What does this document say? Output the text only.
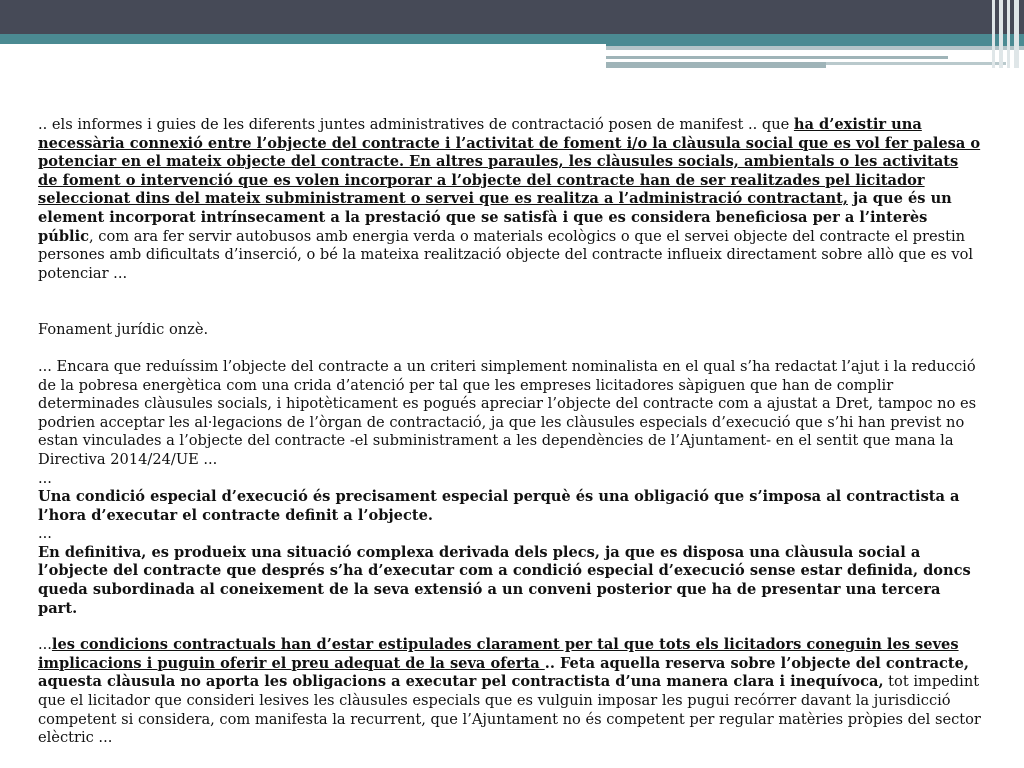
.. els informes i guies de les diferents juntes administratives de contractació posen de manifest .. que ha d’existir una necessària connexió entre l’objecte del contracte i l’activitat de foment i/o la clàusula social que es vol fer palesa o potenciar en el mateix objecte del contracte. En altres paraules, les clàusules socials, ambientals o les activitats de foment o intervenció que es volen incorporar a l’objecte del contracte han de ser realitzades pel licitador seleccionat dins del mateix subministrament o servei que es realitza a l’administració contractant, ja que és un element incorporat intrínsecament a la prestació que se satisfà i que es considera beneficiosa per a l’interès públic, com ara fer servir autobusos amb energia verda o materials ecològics o que el servei objecte del contracte el prestin persones amb dificultats d’inserció, o bé la mateixa realització objecte del contracte influeix directament sobre allò que es vol potenciar ...

Fonament jurídic onzè.

... Encara que reduíssim l’objecte del contracte a un criteri simplement nominalista en el qual s’ha redactat l’ajut i la reducció de la pobresa energètica com una crida d’atenció per tal que les empreses licitadores sàpiguen que han de complir determinades clàusules socials, i hipotèticament es pogués apreciar l’objecte del contracte com a ajustat a Dret, tampoc no es podrien acceptar les al·legacions de l’òrgan de contractació, ja que les clàusules especials d’execució que s’hi han previst no estan vinculades a l’objecte del contracte -el subministrament a les dependències de l’Ajuntament- en el sentit que mana la Directiva 2014/24/UE ...

...

Una condició especial d’execució és precisament especial perquè és una obligació que s’imposa al contractista a l’hora d’executar el contracte definit a l’objecte.

...

En definitiva, es produeix una situació complexa derivada dels plecs, ja que es disposa una clàusula social a l’objecte del contracte que després s’ha d’executar com a condició especial d’execució sense estar definida, doncs queda subordinada al coneixement de la seva extensió a un conveni posterior que ha de presentar una tercera part.

...les condicions contractuals han d’estar estipulades clarament per tal que tots els licitadors coneguin les seves implicacions i puguin oferir el preu adequat de la seva oferta .. Feta aquella reserva sobre l’objecte del contracte, aquesta clàusula no aporta les obligacions a executar pel contractista d’una manera clara i inequívoca, tot impedint que el licitador que consideri lesives les clàusules especials que es vulguin imposar les pugui recórrer davant la jurisdicció competent si considera, com manifesta la recurrent, que l’Ajuntament no és competent per regular matèries pròpies del sector elèctric ...
